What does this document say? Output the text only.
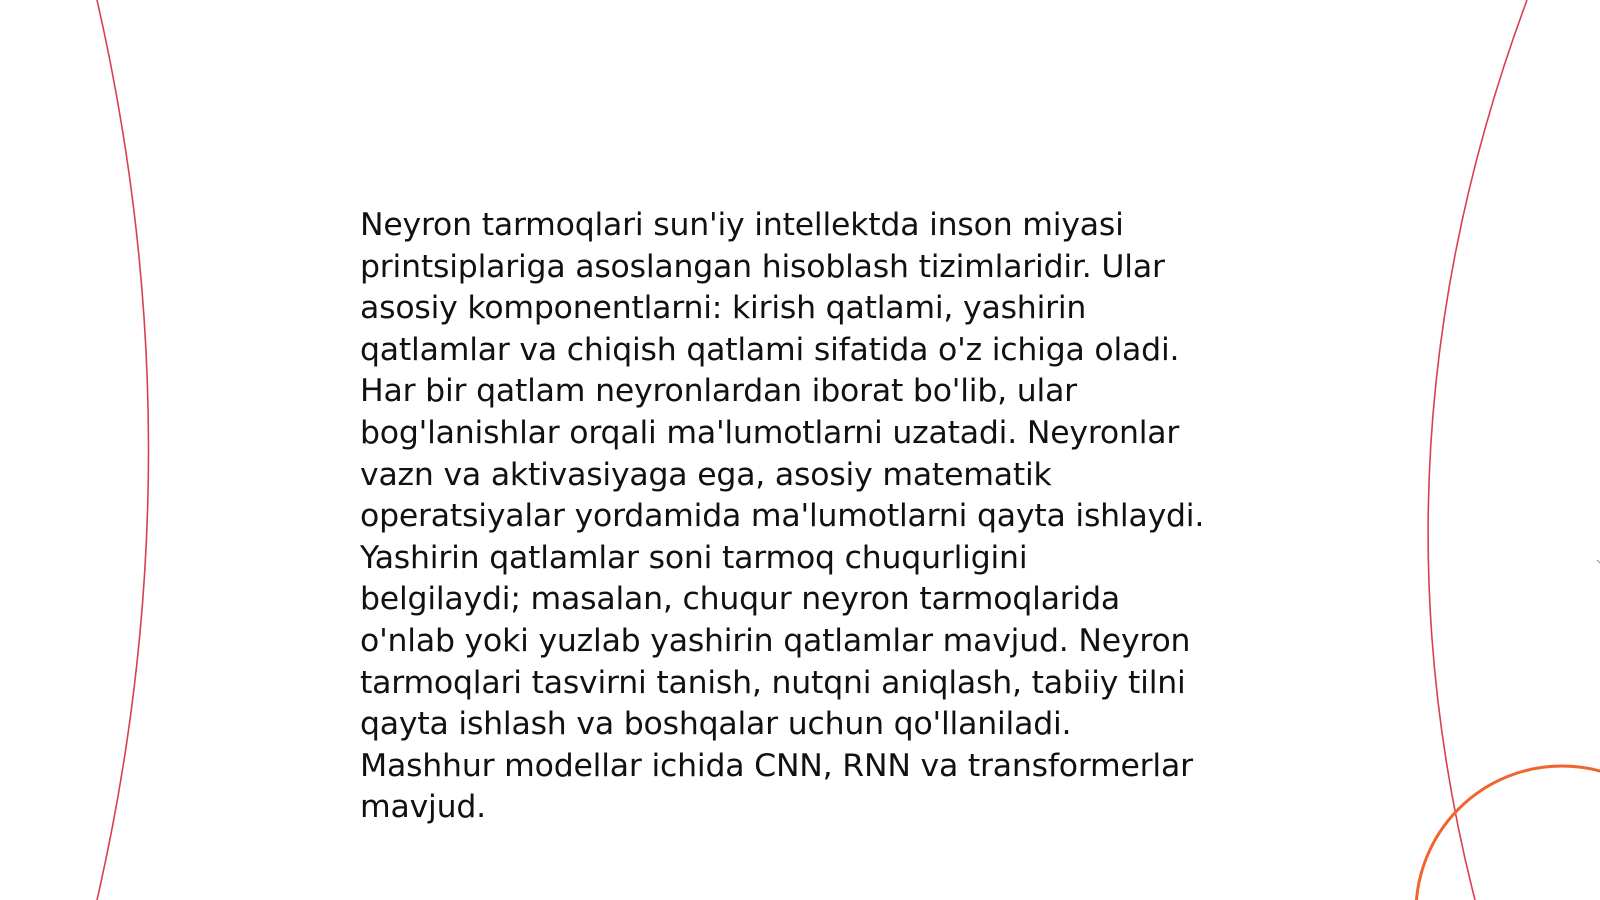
Neyron tarmoqlari sun'iy intellektda inson miyasi
printsiplariga asoslangan hisoblash tizimlaridir. Ular
asosiy komponentlarni: kirish qatlami, yashirin
qatlamlar va chiqish qatlami sifatida o'z ichiga oladi.
Har bir qatlam neyronlardan iborat bo'lib, ular
bog'lanishlar orqali ma'lumotlarni uzatadi. Neyronlar
vazn va aktivasiyaga ega, asosiy matematik
operatsiyalar yordamida ma'lumotlarni qayta ishlaydi.
Yashirin qatlamlar soni tarmoq chuqurligini
belgilaydi; masalan, chuqur neyron tarmoqlarida
o'nlab yoki yuzlab yashirin qatlamlar mavjud. Neyron
tarmoqlari tasvirni tanish, nutqni aniqlash, tabiiy tilni
qayta ishlash va boshqalar uchun qo'llaniladi.
Mashhur modellar ichida CNN, RNN va transformerlar
mavjud.
